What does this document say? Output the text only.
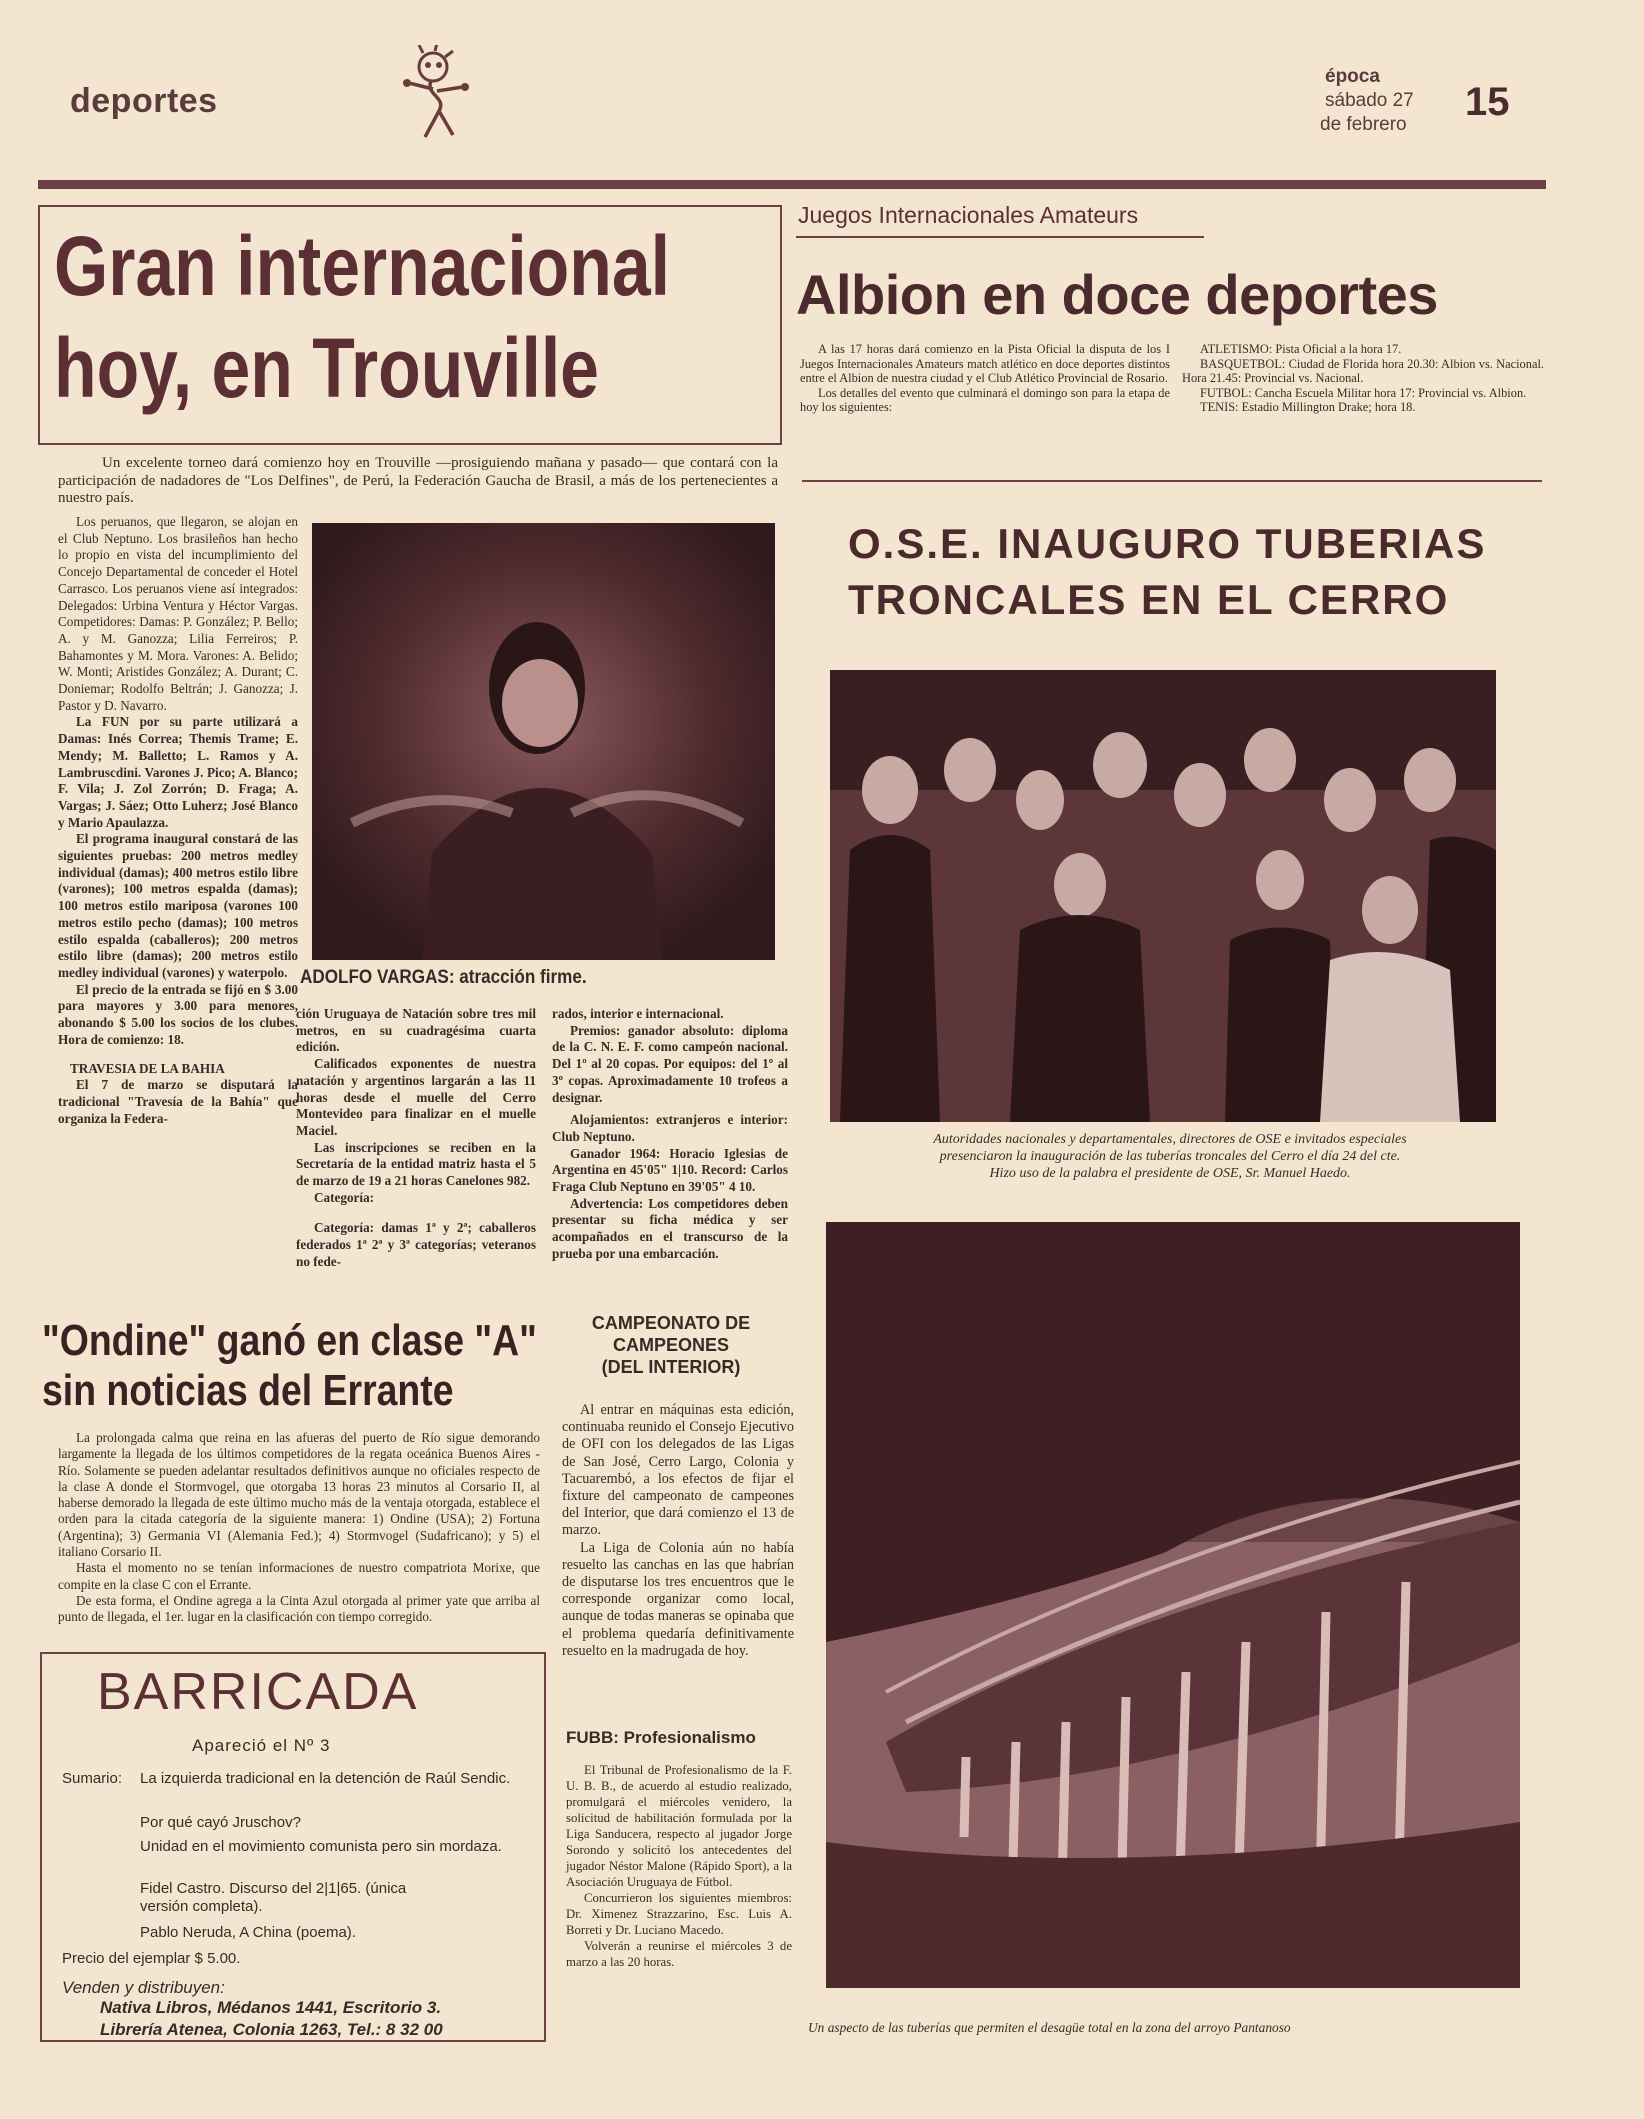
deportes
época
sábado 27
de febrero
15
Gran internacional
hoy, en Trouville

Un excelente torneo dará comienzo hoy en Trouville —prosiguiendo mañana y pasado— que contará con la participación de nadadores de "Los Delfines", de Perú, la Federación Gaucha de Brasil, a más de los pertenecientes a nuestro país.

Los peruanos, que llegaron, se alojan en el Club Neptuno. Los brasileños han hecho lo propio en vista del incumplimiento del Concejo Departamental de conceder el Hotel Carrasco. Los peruanos viene así integrados: Delegados: Urbina Ventura y Héctor Vargas. Competidores: Damas: P. González; P. Bello; A. y M. Ganozza; Lilia Ferreiros; P. Bahamontes y M. Mora. Varones: A. Belido; W. Monti; Aristides González; A. Durant; C. Doniemar; Rodolfo Beltrán; J. Ganozza; J. Pastor y D. Navarro.

La FUN por su parte utilizará a Damas: Inés Correa; Themis Trame; E. Mendy; M. Balletto; L. Ramos y A. Lambruscdini. Varones J. Pico; A. Blanco; F. Vila; J. Zol Zorrón; D. Fraga; A. Vargas; J. Sáez; Otto Luherz; José Blanco y Mario Apaulazza.

El programa inaugural constará de las siguientes pruebas: 200 metros medley individual (damas); 400 metros estilo libre (varones); 100 metros espalda (damas); 100 metros estilo mariposa (varones 100 metros estilo pecho (damas); 100 metros estilo espalda (caballeros); 200 metros estilo libre (damas); 200 metros estilo medley individual (varones) y waterpolo.

El precio de la entrada se fijó en $ 3.00 para mayores y 3.00 para menores, abonando $ 5.00 los socios de los clubes. Hora de comienzo: 18.

TRAVESIA DE LA BAHIA

El 7 de marzo se disputará la tradicional "Travesía de la Bahía" que organiza la Federa-

ADOLFO VARGAS: atracción firme.

ción Uruguaya de Natación sobre tres mil metros, en su cuadragésima cuarta edición.

Calificados exponentes de nuestra natación y argentinos largarán a las 11 horas desde el muelle del Cerro Montevideo para finalizar en el muelle Maciel.

Las inscripciones se reciben en la Secretaría de la entidad matriz hasta el 5 de marzo de 19 a 21 horas Canelones 982.

Categoría:

Categoría: damas 1ª y 2ª; caballeros federados 1ª 2ª y 3ª categorías; veteranos no fede-

rados, interior e internacional.

Premios: ganador absoluto: diploma de la C. N. E. F. como campeón nacional. Del 1º al 20 copas. Por equipos: del 1º al 3º copas. Aproximadamente 10 trofeos a designar.

Alojamientos: extranjeros e interior: Club Neptuno.

Ganador 1964: Horacio Iglesias de Argentina en 45'05" 1|10. Record: Carlos Fraga Club Neptuno en 39'05" 4 10.

Advertencia: Los competidores deben presentar su ficha médica y ser acompañados en el transcurso de la prueba por una embarcación.

"Ondine" ganó en clase "A"
sin noticias del Errante

La prolongada calma que reina en las afueras del puerto de Río sigue demorando largamente la llegada de los últimos competidores de la regata oceánica Buenos Aires - Río. Solamente se pueden adelantar resultados definitivos aunque no oficiales respecto de la clase A donde el Stormvogel, que otorgaba 13 horas 23 minutos al Corsario II, al haberse demorado la llegada de este último mucho más de la ventaja otorgada, establece el orden para la citada categoría de la siguiente manera: 1) Ondine (USA); 2) Fortuna (Argentina); 3) Germania VI (Alemania Fed.); 4) Stormvogel (Sudafricano); y 5) el italiano Corsario II.

Hasta el momento no se tenían informaciones de nuestro compatriota Morixe, que compite en la clase C con el Errante.

De esta forma, el Ondine agrega a la Cinta Azul otorgada al primer yate que arriba al punto de llegada, el 1er. lugar en la clasificación con tiempo corregido.

BARRICADA
Apareció el Nº 3
Sumario: La izquierda tradicional en la detención de Raúl Sendic.
Por qué cayó Jruschov?
Unidad en el movimiento comunista pero sin mordaza.
Fidel Castro. Discurso del 2|1|65. (única versión completa).
Pablo Neruda, A China (poema).
Precio del ejemplar $ 5.00.
Venden y distribuyen:
Nativa Libros, Médanos 1441, Escritorio 3.
Librería Atenea, Colonia 1263, Tel.: 8 32 00
CAMPEONATO DE
CAMPEONES
(DEL INTERIOR)

Al entrar en máquinas esta edición, continuaba reunido el Consejo Ejecutivo de OFI con los delegados de las Ligas de San José, Cerro Largo, Colonia y Tacuarembó, a los efectos de fijar el fixture del campeonato de campeones del Interior, que dará comienzo el 13 de marzo.

La Liga de Colonia aún no había resuelto las canchas en las que habrían de disputarse los tres encuentros que le corresponde organizar como local, aunque de todas maneras se opinaba que el problema quedaría definitivamente resuelto en la madrugada de hoy.

FUBB: Profesionalismo

El Tribunal de Profesionalismo de la F. U. B. B., de acuerdo al estudio realizado, promulgará el miércoles venidero, la solicitud de habilitación formulada por la Liga Sanducera, respecto al jugador Jorge Sorondo y solicitó los antecedentes del jugador Néstor Malone (Rápido Sport), a la Asociación Uruguaya de Fútbol.

Concurrieron los siguientes miembros: Dr. Ximenez Strazzarino, Esc. Luis A. Borreti y Dr. Luciano Macedo.

Volverán a reunirse el miércoles 3 de marzo a las 20 horas.

Juegos Internacionales Amateurs
Albion en doce deportes

A las 17 horas dará comienzo en la Pista Oficial la disputa de los I Juegos Internacionales Amateurs match atlético en doce deportes distintos entre el Albion de nuestra ciudad y el Club Atlético Provincial de Rosario.

Los detalles del evento que culminará el domingo son para la etapa de hoy los siguientes:

ATLETISMO: Pista Oficial a la hora 17.

BASQUETBOL: Ciudad de Florida hora 20.30: Albion vs. Nacional. Hora 21.45: Provincial vs. Nacional.

FUTBOL: Cancha Escuela Militar hora 17: Provincial vs. Albion.

TENIS: Estadio Millington Drake; hora 18.

O.S.E. INAUGURO TUBERIAS
TRONCALES EN EL CERRO
Autoridades nacionales y departamentales, directores de OSE e invitados especiales
presenciaron la inauguración de las tuberías troncales del Cerro el día 24 del cte.
Hizo uso de la palabra el presidente de OSE, Sr. Manuel Haedo.
Un aspecto de las tuberías que permiten el desagüe total en la zona del arroyo Pantanoso
